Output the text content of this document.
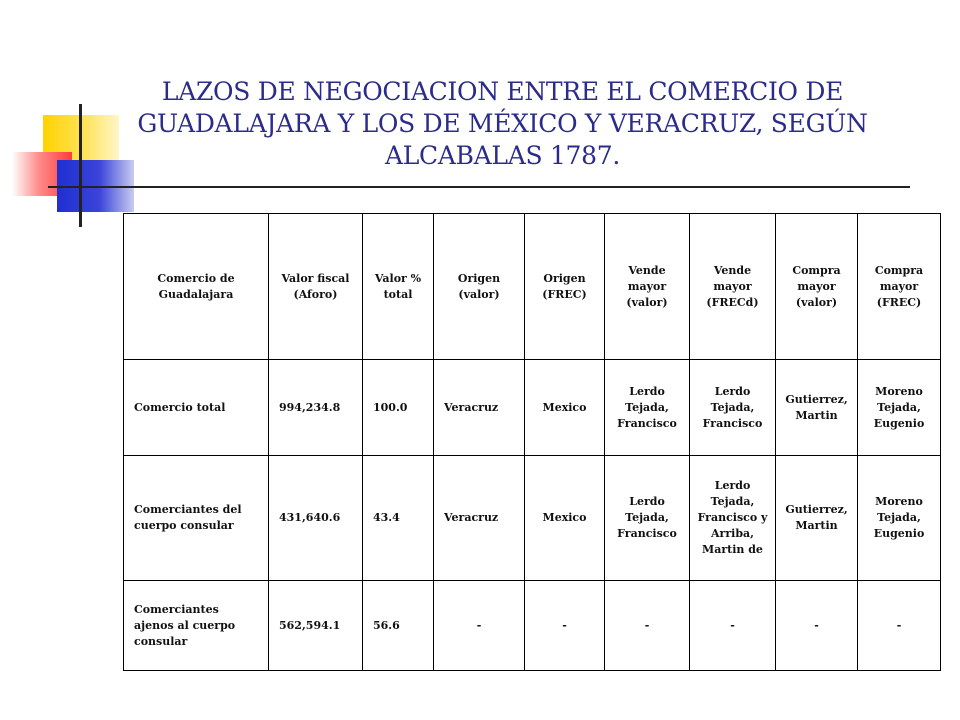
LAZOS DE NEGOCIACION ENTRE EL COMERCIO DE GUADALAJARA Y LOS DE MÉXICO Y VERACRUZ, SEGÚN ALCABALAS 1787.
Comercio de Guadalajara	Valor fiscal (Aforo)	Valor % total	Origen (valor)	Origen (FREC)	Vende mayor (valor)	Vende mayor (FRECd)	Compra mayor (valor)	Compra mayor (FREC)
Comercio total	994,234.8	100.0	Veracruz	Mexico	Lerdo Tejada, Francisco	Lerdo Tejada, Francisco	Gutierrez, Martin	Moreno Tejada, Eugenio
Comerciantes del cuerpo consular	431,640.6	43.4	Veracruz	Mexico	Lerdo Tejada, Francisco	Lerdo Tejada, Francisco y Arriba, Martin de	Gutierrez, Martin	Moreno Tejada, Eugenio
Comerciantes ajenos al cuerpo consular	562,594.1	56.6	-	-	-	-	-	-
